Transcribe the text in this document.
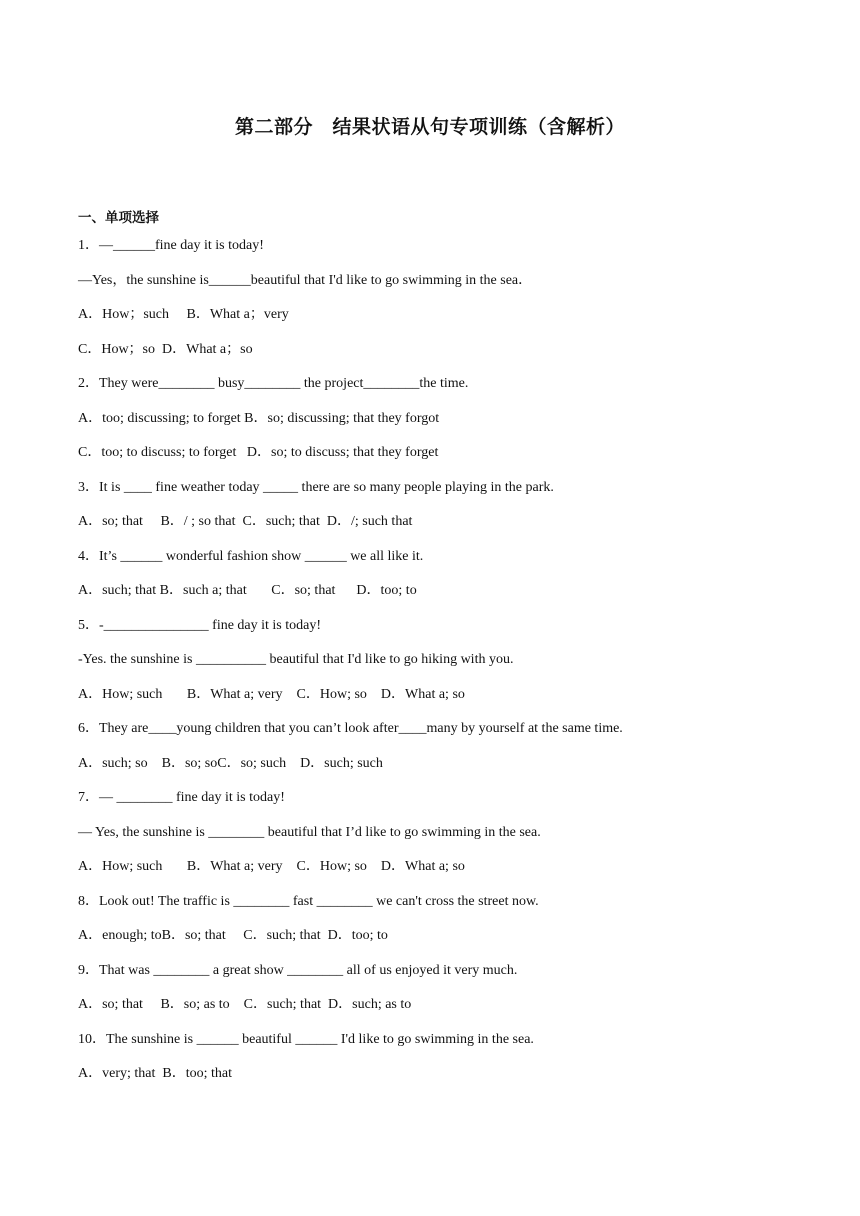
第二部分　结果状语从句专项训练（含解析）
一、单项选择
1．—______fine day it is today!
—Yes，the sunshine is______beautiful that I'd like to go swimming in the sea．
A．How；such　 B．What a；very
C．How；so  D．What a；so
2．They were________ busy________ the project________the time.
A．too; discussing; to forget B．so; discussing; that they forgot
C．too; to discuss; to forget   D．so; to discuss; that they forget
3．It is ____ fine weather today _____ there are so many people playing in the park.
A．so; that     B．/ ; so that  C．such; that  D．/; such that
4．It’s ______ wonderful fashion show ______ we all like it.
A．such; that B．such a; that       C．so; that      D．too; to
5．-_______________ fine day it is today!
-Yes. the sunshine is __________ beautiful that I'd like to go hiking with you.
A．How; such       B．What a; very    C．How; so    D．What a; so
6．They are____young children that you can’t look after____many by yourself at the same time.
A．such; so    B．so; soC．so; such    D．such; such
7．— ________ fine day it is today!
— Yes, the sunshine is ________ beautiful that I’d like to go swimming in the sea.
A．How; such       B．What a; very    C．How; so    D．What a; so
8．Look out! The traffic is ________ fast ________ we can't cross the street now.
A．enough; toB．so; that     C．such; that  D．too; to
9．That was ________ a great show ________ all of us enjoyed it very much.
A．so; that     B．so; as to    C．such; that  D．such; as to
10．The sunshine is ______ beautiful ______ I'd like to go swimming in the sea.
A．very; that  B．too; that
